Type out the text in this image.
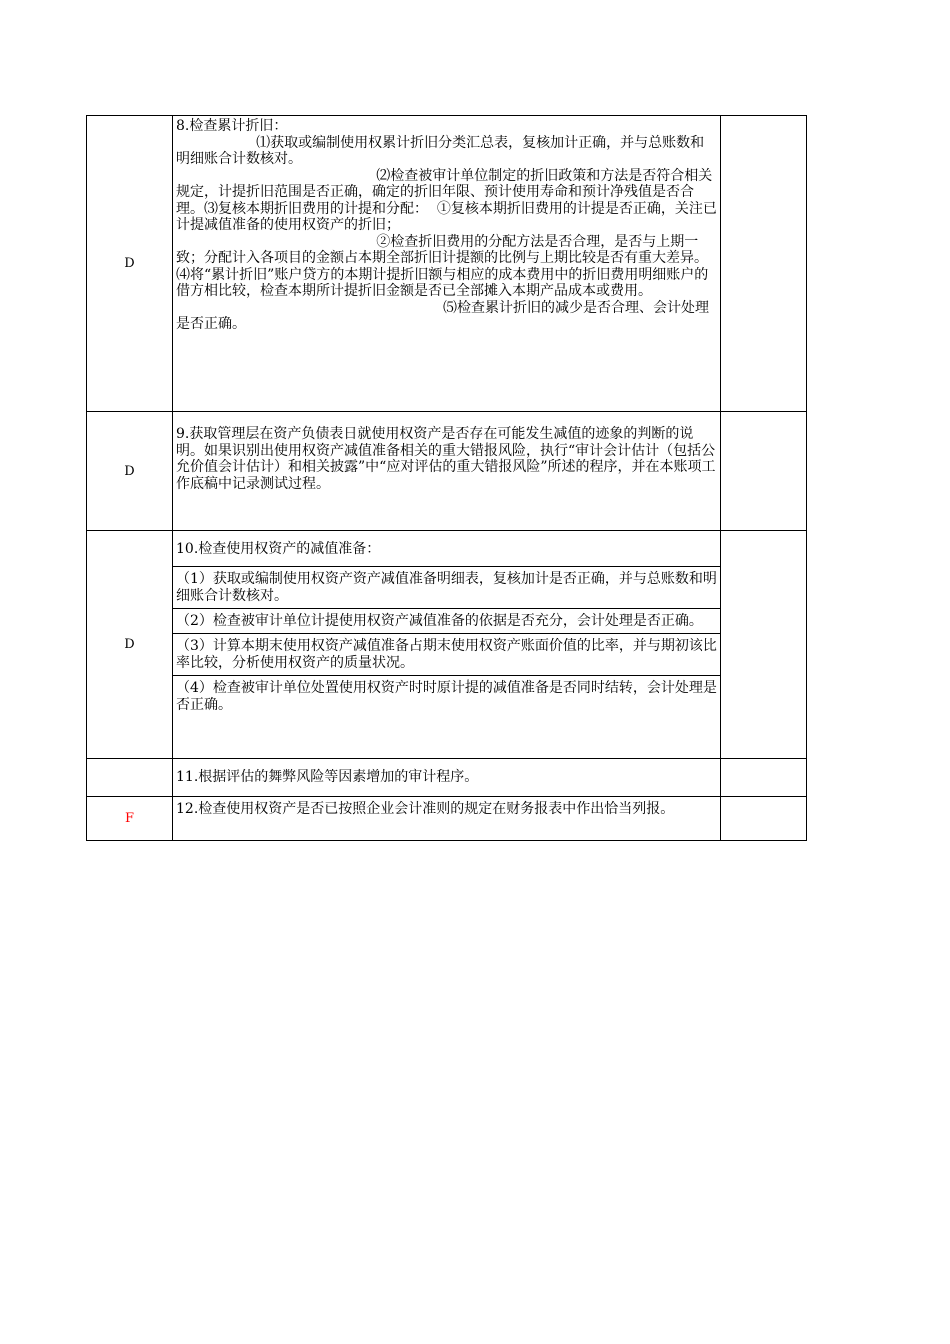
D	8.检查累计折旧：
⑴获取或编制使用权累计折旧分类汇总表，复核加计正确，并与总账数和明细账合计数核对。
⑵检查被审计单位制定的折旧政策和方法是否符合相关规定，计提折旧范围是否正确，确定的折旧年限、预计使用寿命和预计净残值是否合理。⑶复核本期折旧费用的计提和分配：  ①复核本期折旧费用的计提是否正确，关注已计提减值准备的使用权资产的折旧；
②检查折旧费用的分配方法是否合理，是否与上期一致；分配计入各项目的金额占本期全部折旧计提额的比例与上期比较是否有重大差异。⑷将“累计折旧”账户贷方的本期计提折旧额与相应的成本费用中的折旧费用明细账户的借方相比较，检查本期所计提折旧金额是否已全部摊入本期产品成本或费用。
⑸检查累计折旧的减少是否合理、会计处理是否正确。	

D	9.获取管理层在资产负债表日就使用权资产是否存在可能发生减值的迹象的判断的说明。如果识别出使用权资产减值准备相关的重大错报风险，执行“审计会计估计（包括公允价值会计估计）和相关披露”中“应对评估的重大错报风险”所述的程序，并在本账项工作底稿中记录测试过程。	

D	10.检查使用权资产的减值准备：
（1）获取或编制使用权资产资产减值准备明细表，复核加计是否正确，并与总账数和明细账合计数核对。
（2）检查被审计单位计提使用权资产减值准备的依据是否充分，会计处理是否正确。
（3）计算本期末使用权资产减值准备占期末使用权资产账面价值的比率，并与期初该比率比较，分析使用权资产的质量状况。
（4）检查被审计单位处置使用权资产时时原计提的减值准备是否同时结转，会计处理是否正确。	

	11.根据评估的舞弊风险等因素增加的审计程序。	

F	12.检查使用权资产是否已按照企业会计准则的规定在财务报表中作出恰当列报。	
